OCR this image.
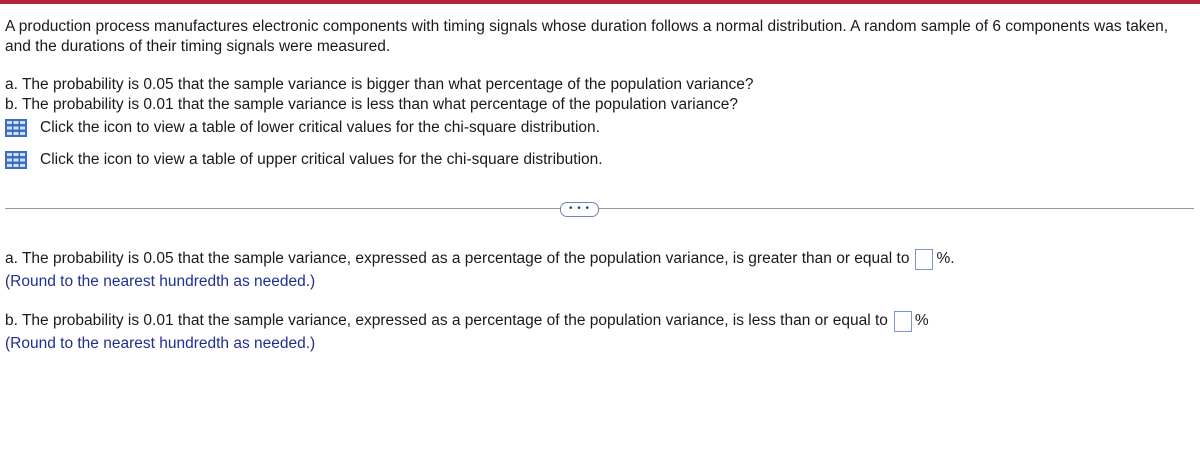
A production process manufactures electronic components with timing signals whose duration follows a normal distribution. A random sample of 6 components was taken, and the durations of their timing signals were measured.

a. The probability is 0.05 that the sample variance is bigger than what percentage of the population variance?

b. The probability is 0.01 that the sample variance is less than what percentage of the population variance?

Click the icon to view a table of lower critical values for the chi-square distribution.
Click the icon to view a table of upper critical values for the chi-square distribution.
• • •
a. The probability is 0.05 that the sample variance, expressed as a percentage of the population variance, is greater than or equal to %.
(Round to the nearest hundredth as needed.)
b. The probability is 0.01 that the sample variance, expressed as a percentage of the population variance, is less than or equal to %
(Round to the nearest hundredth as needed.)
